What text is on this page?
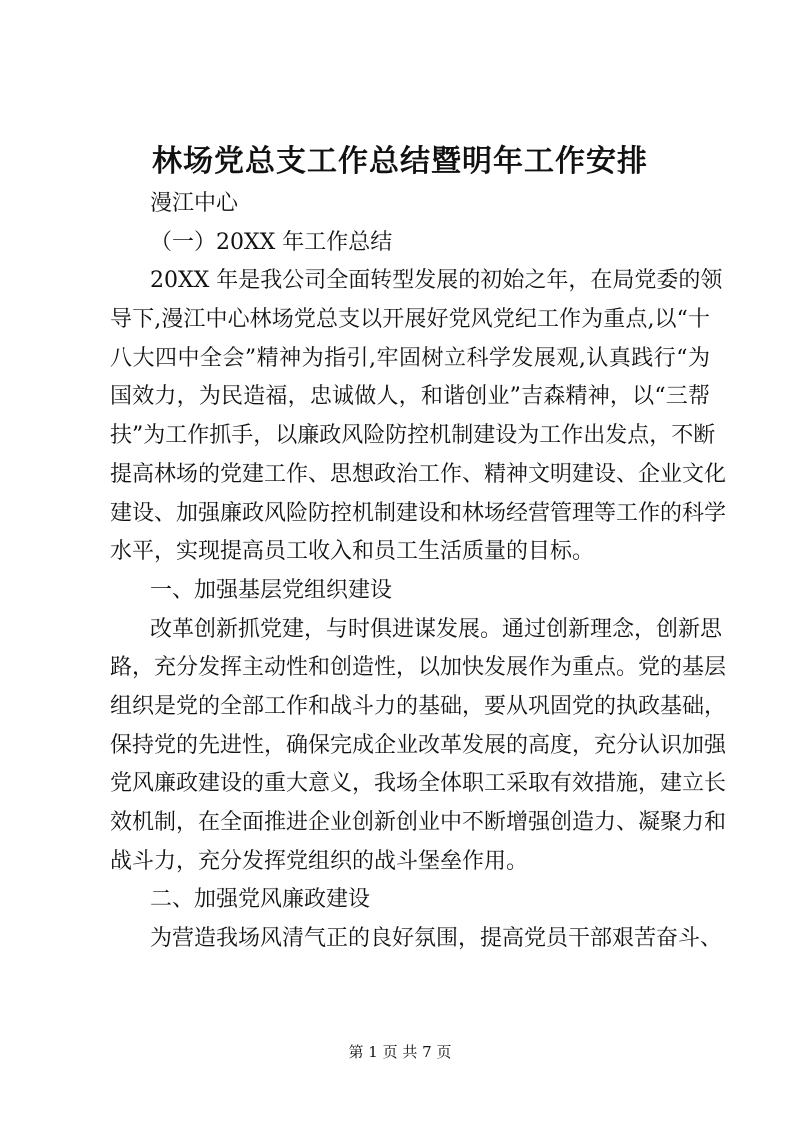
林场党总支工作总结暨明年工作安排
漫江中心
（一）20XX 年工作总结
20XX 年是我公司全面转型发展的初始之年，在局党委的领
导下,漫江中心林场党总支以开展好党风党纪工作为重点,以“十
八大四中全会”精神为指引,牢固树立科学发展观,认真践行“为
国效力，为民造福，忠诚做人，和谐创业”吉森精神，以“三帮
扶”为工作抓手，以廉政风险防控机制建设为工作出发点，不断
提高林场的党建工作、思想政治工作、精神文明建设、企业文化
建设、加强廉政风险防控机制建设和林场经营管理等工作的科学
水平，实现提高员工收入和员工生活质量的目标。
一、加强基层党组织建设
改革创新抓党建，与时俱进谋发展。通过创新理念，创新思
路，充分发挥主动性和创造性，以加快发展作为重点。党的基层
组织是党的全部工作和战斗力的基础，要从巩固党的执政基础，
保持党的先进性，确保完成企业改革发展的高度，充分认识加强
党风廉政建设的重大意义，我场全体职工采取有效措施，建立长
效机制，在全面推进企业创新创业中不断增强创造力、凝聚力和
战斗力，充分发挥党组织的战斗堡垒作用。
二、加强党风廉政建设
为营造我场风清气正的良好氛围，提高党员干部艰苦奋斗、
第 1 页 共 7 页
